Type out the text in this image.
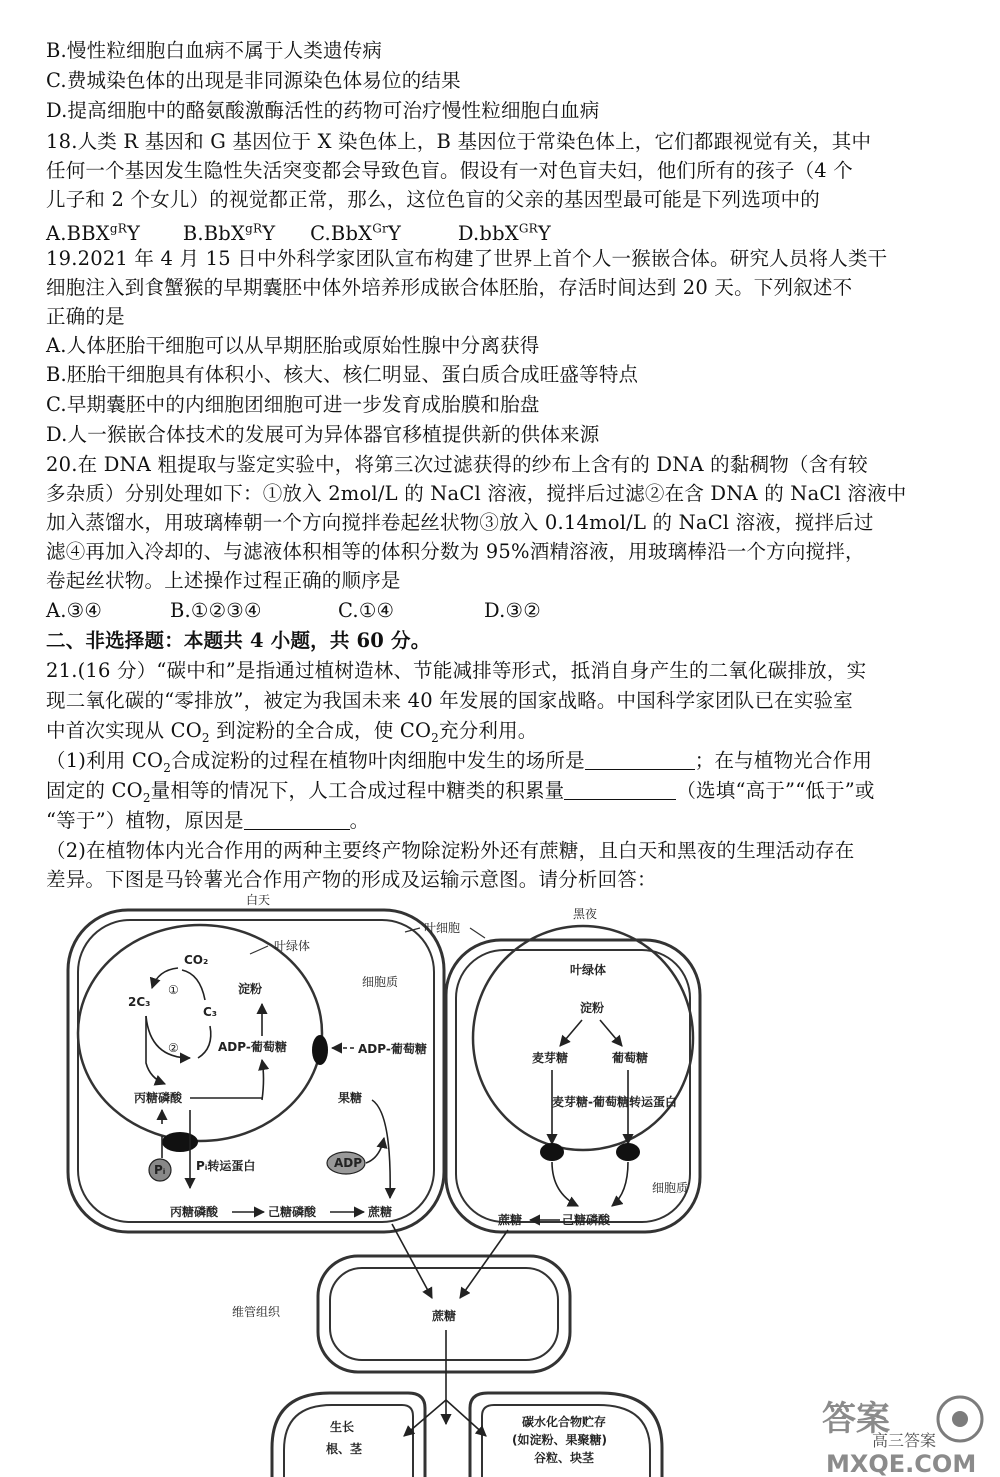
B.慢性粒细胞白血病不属于人类遗传病
C.费城染色体的出现是非同源染色体易位的结果
D.提高细胞中的酪氨酸激酶活性的药物可治疗慢性粒细胞白血病
18.人类 R 基因和 G 基因位于 X 染色体上，B 基因位于常染色体上，它们都跟视觉有关，其中
任何一个基因发生隐性失活突变都会导致色盲。假设有一对色盲夫妇，他们所有的孩子（4 个
儿子和 2 个女儿）的视觉都正常，那么，这位色盲的父亲的基因型最可能是下列选项中的
$A.BBX^{gR}Y$ B.BbX$^{gR}$Y C.BbX$^{Gr}$Y	D.bbX$^{GR}$Y
19.2021 年 4 月 15 日中外科学家团队宣布构建了世界上首个人一猴嵌合体。研究人员将人类干
细胞注入到食蟹猴的早期囊胚中体外培养形成嵌合体胚胎，存活时间达到 20 天。下列叙述不
正确的是
A.人体胚胎干细胞可以从早期胚胎或原始性腺中分离获得
B.胚胎干细胞具有体积小、核大、核仁明显、蛋白质合成旺盛等特点
C.早期囊胚中的内细胞团细胞可进一步发育成胎膜和胎盘
D.人一猴嵌合体技术的发展可为异体器官移植提供新的供体来源
20.在 DNA 粗提取与鉴定实验中，将第三次过滤获得的纱布上含有的 DNA 的黏稠物（含有较
多杂质）分别处理如下：①放入 2mol/L 的 NaCl 溶液，搅拌后过滤②在含 DNA 的 NaCl 溶液中
加入蒸馏水，用玻璃棒朝一个方向搅拌卷起丝状物③放入 0.14mol/L 的 NaCl 溶液，搅拌后过
滤④再加入冷却的、与滤液体积相等的体积分数为 95%酒精溶液，用玻璃棒沿一个方向搅拌，
卷起丝状物。上述操作过程正确的顺序是
A.③④	B.①②③④	C.①④	D.③②
二、非选择题：本题共 4 小题，共 60 分。
21.(16 分）“碳中和”是指通过植树造林、节能减排等形式，抵消自身产生的二氧化碳排放，实
现二氧化碳的“零排放”，被定为我国未来 40 年发展的国家战略。中国科学家团队已在实验室
中首次实现从 $CO_2$ 到淀粉的全合成，使 $CO_2$充分利用。
（1)利用 $CO_2$合成淀粉的过程在植物叶肉细胞中发生的场所是	；在与植物光合作用
固定的 $CO_2$量相等的情况下，人工合成过程中糖类的积累量	（选填“高于”“低于”或
“等于”）植物，原因是	。
（2)在植物体内光合作用的两种主要终产物除淀粉外还有蔗糖，且白天和黑夜的生理活动存在
差异。下图是马铃薯光合作用产物的形成及运输示意图。请分析回答：
白天
叶细胞
黑夜
叶绿体
CO₂
2C₃
C₃
①
②
淀粉	细胞质
ADP-葡萄糖	ADP-葡萄糖
丙糖磷酸
Pᵢ	Pᵢ转运蛋白
丙糖磷酸	己糖磷酸	蔗糖
果糖
ADP
叶绿体
淀粉
麦芽糖	葡萄糖
麦芽糖-葡萄糖转运蛋白
细胞质
蔗糖	己糖磷酸
维管组织	蔗糖
生长
根、茎
碳水化合物贮存
(如淀粉、果聚糖)
谷粒、块茎
答案
MXQE.COM
高三答案
